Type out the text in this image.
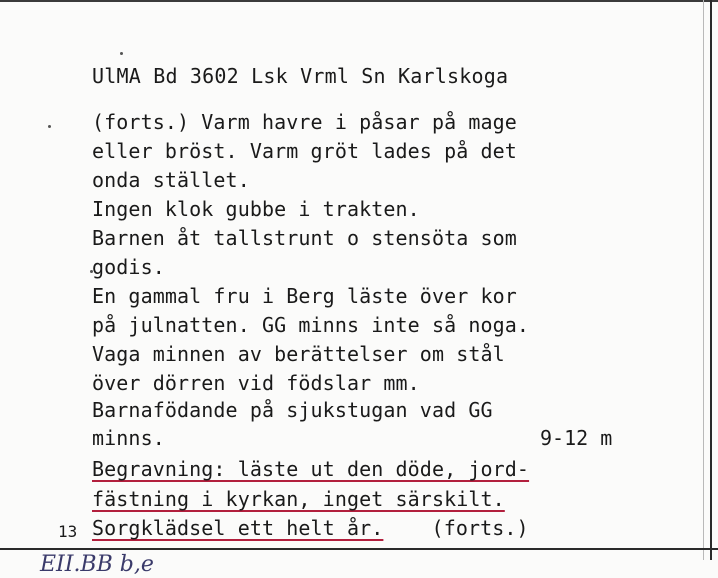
UlMA Bd 3602 Lsk Vrml Sn Karlskoga
(forts.) Varm havre i påsar på mage
eller bröst. Varm gröt lades på det
onda stället.
Ingen klok gubbe i trakten.
Barnen åt tallstrunt o stensöta som
godis.
En gammal fru i Berg läste över kor
på julnatten. GG minns inte så noga.
Vaga minnen av berättelser om stål
över dörren vid födslar mm.
Barnafödande på sjukstugan vad GG
minns.	9-12 m
Begravning: läste ut den döde, jord-
fästning i kyrkan, inget särskilt.
Sorgklädsel ett helt år. (forts.)
13
EII.BB b,e
